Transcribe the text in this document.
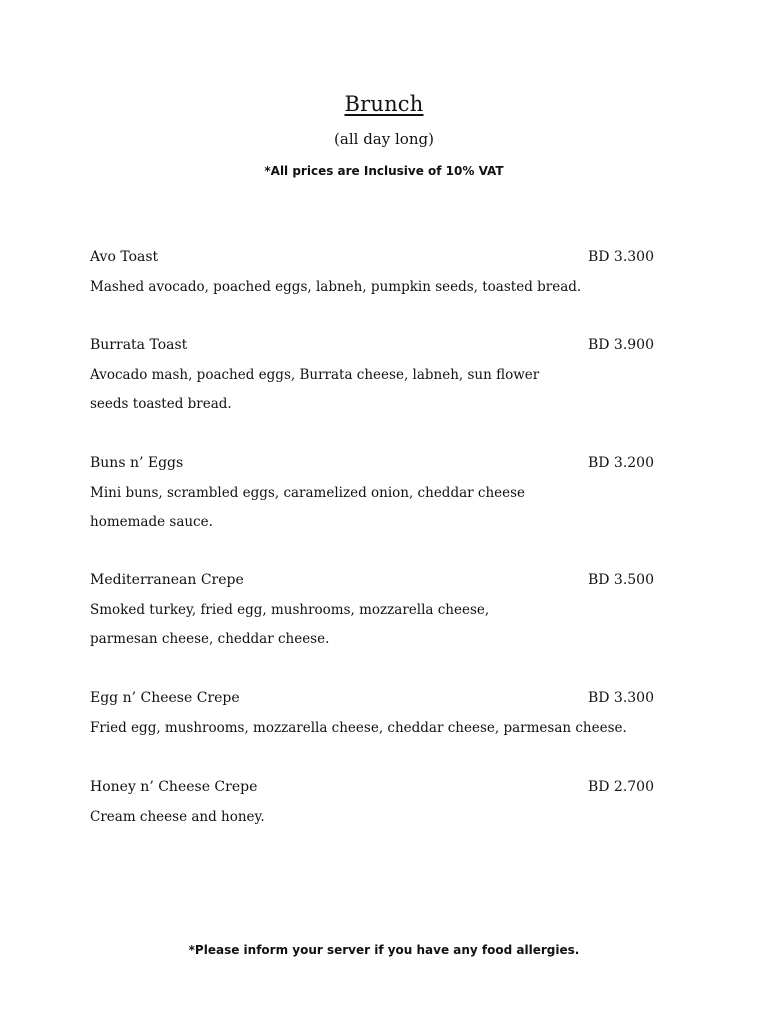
Brunch
(all day long)
*All prices are Inclusive of 10% VAT
Avo Toast	BD 3.300
Mashed avocado, poached eggs, labneh, pumpkin seeds, toasted bread.
Burrata Toast	BD 3.900
Avocado mash, poached eggs, Burrata cheese, labneh, sun flower seeds toasted bread.
Buns n’ Eggs	BD 3.200
Mini buns, scrambled eggs, caramelized onion, cheddar cheese homemade sauce.
Mediterranean Crepe	BD 3.500
Smoked turkey, fried egg, mushrooms, mozzarella cheese, parmesan cheese, cheddar cheese.
Egg n’ Cheese Crepe	BD 3.300
Fried egg, mushrooms, mozzarella cheese, cheddar cheese, parmesan cheese.
Honey n’ Cheese Crepe	BD 2.700
Cream cheese and honey.
*Please inform your server if you have any food allergies.
